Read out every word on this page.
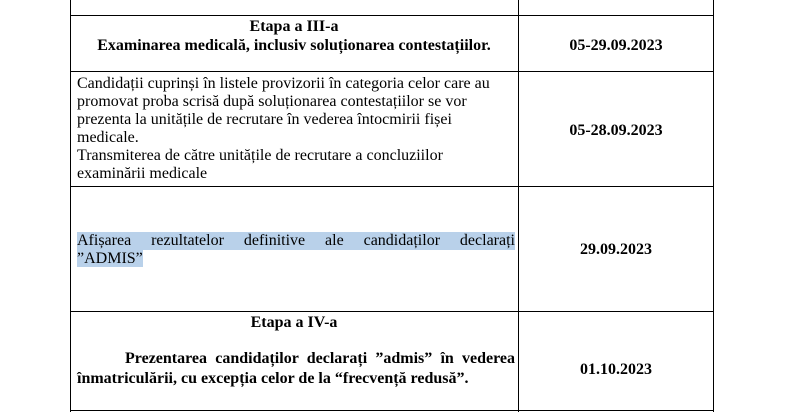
Etapa a III-a
Examinarea medicală, inclusiv soluționarea contestațiilor.	05-29.09.2023
Candidații cuprinși în listele provizorii în categoria celor care au
promovat proba scrisă după soluționarea contestațiilor se vor
prezenta la unitățile de recrutare în vederea întocmirii fișei
medicale.
Transmiterea de către unitățile de recrutare a concluziilor
examinării medicale
05-28.09.2023
Afișarea rezultatelor definitive ale candidaților declarați
”ADMIS”
29.09.2023
Etapa a IV-a
Prezentarea candidaților declarați ”admis” în vederea
înmatriculării, cu excepția celor de la “frecvență redusă”.
01.10.2023
